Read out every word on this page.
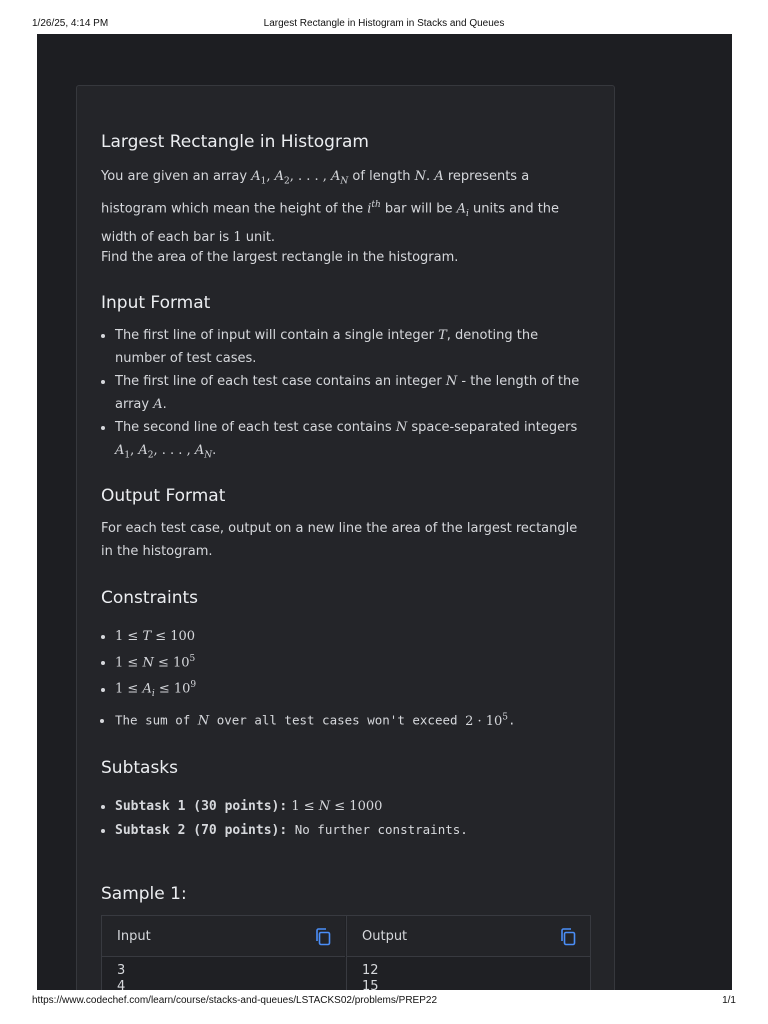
1/26/25, 4:14 PM	Largest Rectangle in Histogram in Stacks and Queues
Largest Rectangle in Histogram

You are given an array $A_1$, $A_2$, . . . , $A_N$ of length N. A represents a histogram which mean the height of the $i^{th}$ bar will be $A_i$ units and the width of each bar is 1 unit.

Find the area of the largest rectangle in the histogram.

Input Format
• The first line of input will contain a single integer T, denoting the number of test cases.
• The first line of each test case contains an integer N - the length of the array A.
• The second line of each test case contains N space-separated integers
$A_1$, $A_2$, . . . , $A_N$.
Output Format

For each test case, output on a new line the area of the largest rectangle in the histogram.

Constraints
• 1 ≤ T ≤ 100
• $1 \le N \le 10^5$
• $1 \le A_i \le 10^9$
• The sum of N over all test cases won't exceed $2 \cdot 10^5$.
Subtasks
• Subtask 1 (30 points): 1 ≤ N ≤ 1000
• Subtask 2 (70 points): No further constraints.
Sample 1:
Input
3
4
Output
12
15
https://www.codechef.com/learn/course/stacks-and-queues/LSTACKS02/problems/PREP22	1/1
